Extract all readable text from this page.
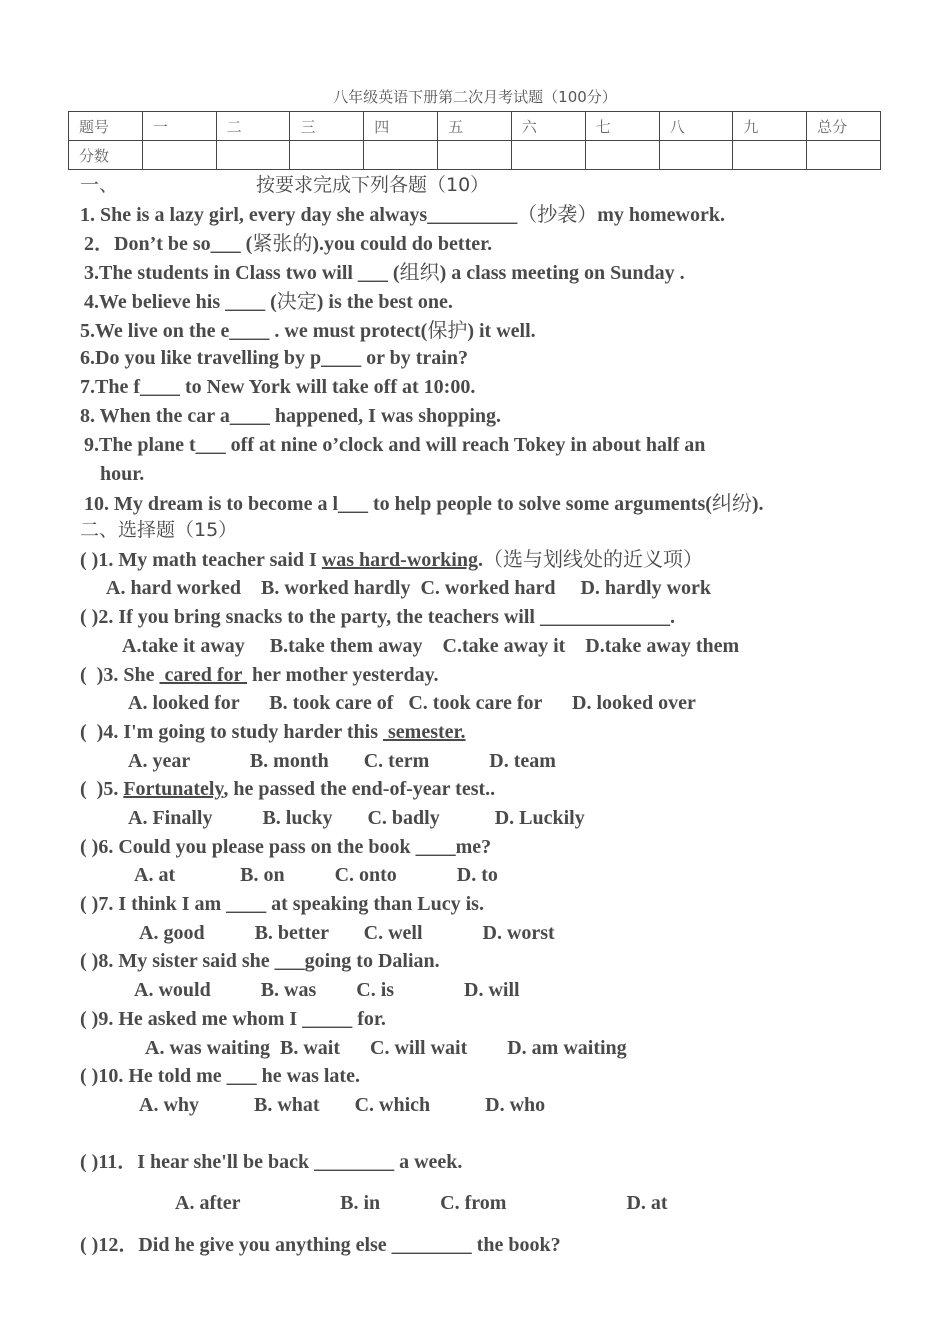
八年级英语下册第二次月考试题（100分）
题号	一	二	三	四	五	六	七	八	九	总分
分数										
一、	按要求完成下列各题（10）
1. She is a lazy girl, every day she always_________（抄袭）my homework.
2．Don’t be so___ (紧张的).you could do better.
3.The students in Class two will ___ (组织) a class meeting on Sunday .
4.We believe his ____ (决定) is the best one.
5.We live on the e____ . we must protect(保护) it well.
6.Do you like travelling by p____ or by train?
7.The f____ to New York will take off at 10:00.
8. When the car a____ happened, I was shopping.
9.The plane t___ off at nine o’clock and will reach Tokey in about half an
hour.
10. My dream is to become a l___ to help people to solve some arguments(纠纷).
二、选择题（15）
( )1. My math teacher said I was hard-working.（选与划线处的近义项）
A. hard worked    B. worked hardly  C. worked hard     D. hardly work
( )2. If you bring snacks to the party, the teachers will _____________.
A.take it away     B.take them away    C.take away it    D.take away them
(  )3. She  cared for  her mother yesterday.
A. looked for      B. took care of   C. took care for      D. looked over
(  )4. I'm going to study harder this  semester.
A. year            B. month       C. term            D. team
(  )5. Fortunately, he passed the end-of-year test..
A. Finally          B. lucky       C. badly           D. Luckily
( )6. Could you please pass on the book ____me?
A. at             B. on          C. onto            D. to
( )7. I think I am ____ at speaking than Lucy is.
A. good          B. better       C. well            D. worst
( )8. My sister said she ___going to Dalian.
A. would          B. was        C. is              D. will
( )9. He asked me whom I _____ for.
A. was waiting  B. wait      C. will wait        D. am waiting
( )10. He told me ___ he was late.
A. why           B. what       C. which           D. who
( )11．I hear she'll be back ________ a week.
A. after                    B. in            C. from                        D. at
( )12．Did he give you anything else ________ the book?
